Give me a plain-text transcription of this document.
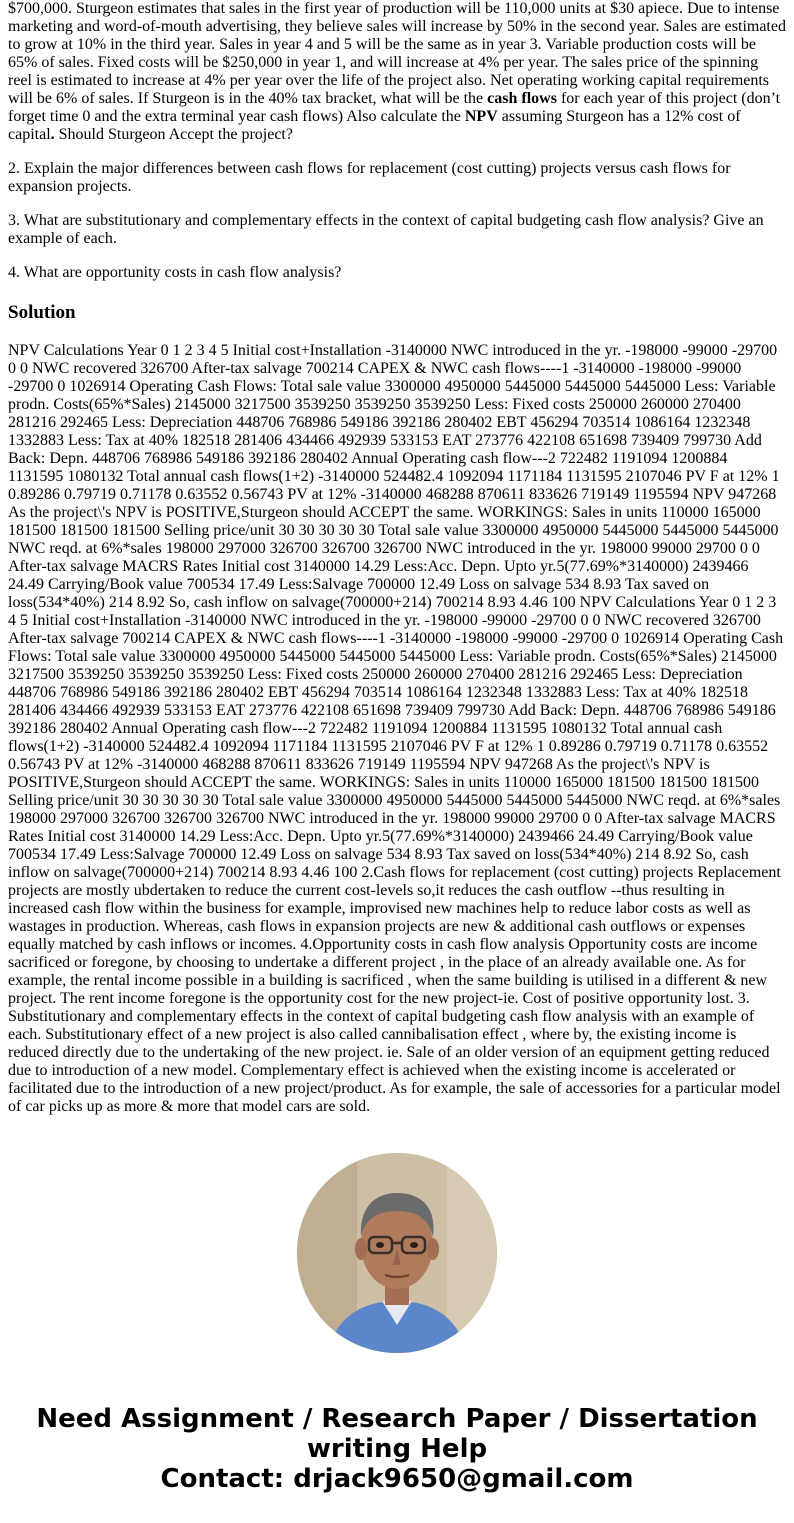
$700,000. Sturgeon estimates that sales in the first year of production will be 110,000 units at $30 apiece. Due to intense marketing and word-of-mouth advertising, they believe sales will increase by 50% in the second year. Sales are estimated to grow at 10% in the third year. Sales in year 4 and 5 will be the same as in year 3. Variable production costs will be 65% of sales. Fixed costs will be $250,000 in year 1, and will increase at 4% per year. The sales price of the spinning reel is estimated to increase at 4% per year over the life of the project also. Net operating working capital requirements will be 6% of sales. If Sturgeon is in the 40% tax bracket, what will be the cash flows for each year of this project (don’t forget time 0 and the extra terminal year cash flows) Also calculate the NPV assuming Sturgeon has a 12% cost of capital. Should Sturgeon Accept the project?

2. Explain the major differences between cash flows for replacement (cost cutting) projects versus cash flows for expansion projects.

3. What are substitutionary and complementary effects in the context of capital budgeting cash flow analysis? Give an example of each.

4. What are opportunity costs in cash flow analysis?

Solution

NPV Calculations Year 0 1 2 3 4 5 Initial cost+Installation -3140000 NWC introduced in the yr. -198000 -99000 -29700 0 0 NWC recovered 326700 After-tax salvage 700214 CAPEX & NWC cash flows----1 -3140000 -198000 -99000 -29700 0 1026914 Operating Cash Flows: Total sale value 3300000 4950000 5445000 5445000 5445000 Less: Variable prodn. Costs(65%*Sales) 2145000 3217500 3539250 3539250 3539250 Less: Fixed costs 250000 260000 270400 281216 292465 Less: Depreciation 448706 768986 549186 392186 280402 EBT 456294 703514 1086164 1232348 1332883 Less: Tax at 40% 182518 281406 434466 492939 533153 EAT 273776 422108 651698 739409 799730 Add Back: Depn. 448706 768986 549186 392186 280402 Annual Operating cash flow---2 722482 1191094 1200884 1131595 1080132 Total annual cash flows(1+2) -3140000 524482.4 1092094 1171184 1131595 2107046 PV F at 12% 1 0.89286 0.79719 0.71178 0.63552 0.56743 PV at 12% -3140000 468288 870611 833626 719149 1195594 NPV 947268 As the project\'s NPV is POSITIVE,Sturgeon should ACCEPT the same. WORKINGS: Sales in units 110000 165000 181500 181500 181500 Selling price/unit 30 30 30 30 30 Total sale value 3300000 4950000 5445000 5445000 5445000 NWC reqd. at 6%*sales 198000 297000 326700 326700 326700 NWC introduced in the yr. 198000 99000 29700 0 0 After-tax salvage MACRS Rates Initial cost 3140000 14.29 Less:Acc. Depn. Upto yr.5(77.69%*3140000) 2439466 24.49 Carrying/Book value 700534 17.49 Less:Salvage 700000 12.49 Loss on salvage 534 8.93 Tax saved on loss(534*40%) 214 8.92 So, cash inflow on salvage(700000+214) 700214 8.93 4.46 100 NPV Calculations Year 0 1 2 3 4 5 Initial cost+Installation -3140000 NWC introduced in the yr. -198000 -99000 -29700 0 0 NWC recovered 326700 After-tax salvage 700214 CAPEX & NWC cash flows----1 -3140000 -198000 -99000 -29700 0 1026914 Operating Cash Flows: Total sale value 3300000 4950000 5445000 5445000 5445000 Less: Variable prodn. Costs(65%*Sales) 2145000 3217500 3539250 3539250 3539250 Less: Fixed costs 250000 260000 270400 281216 292465 Less: Depreciation 448706 768986 549186 392186 280402 EBT 456294 703514 1086164 1232348 1332883 Less: Tax at 40% 182518 281406 434466 492939 533153 EAT 273776 422108 651698 739409 799730 Add Back: Depn. 448706 768986 549186 392186 280402 Annual Operating cash flow---2 722482 1191094 1200884 1131595 1080132 Total annual cash flows(1+2) -3140000 524482.4 1092094 1171184 1131595 2107046 PV F at 12% 1 0.89286 0.79719 0.71178 0.63552 0.56743 PV at 12% -3140000 468288 870611 833626 719149 1195594 NPV 947268 As the project\'s NPV is POSITIVE,Sturgeon should ACCEPT the same. WORKINGS: Sales in units 110000 165000 181500 181500 181500 Selling price/unit 30 30 30 30 30 Total sale value 3300000 4950000 5445000 5445000 5445000 NWC reqd. at 6%*sales 198000 297000 326700 326700 326700 NWC introduced in the yr. 198000 99000 29700 0 0 After-tax salvage MACRS Rates Initial cost 3140000 14.29 Less:Acc. Depn. Upto yr.5(77.69%*3140000) 2439466 24.49 Carrying/Book value 700534 17.49 Less:Salvage 700000 12.49 Loss on salvage 534 8.93 Tax saved on loss(534*40%) 214 8.92 So, cash inflow on salvage(700000+214) 700214 8.93 4.46 100 2.Cash flows for replacement (cost cutting) projects Replacement projects are mostly ubdertaken to reduce the current cost-levels so,it reduces the cash outflow --thus resulting in increased cash flow within the business for example, improvised new machines help to reduce labor costs as well as wastages in production. Whereas, cash flows in expansion projects are new & additional cash outflows or expenses equally matched by cash inflows or incomes. 4.Opportunity costs in cash flow analysis Opportunity costs are income sacrificed or foregone, by choosing to undertake a different project , in the place of an already available one. As for example, the rental income possible in a building is sacrificed , when the same building is utilised in a different & new project. The rent income foregone is the opportunity cost for the new project-ie. Cost of positive opportunity lost. 3. Substitutionary and complementary effects in the context of capital budgeting cash flow analysis with an example of each. Substitutionary effect of a new project is also called cannibalisation effect , where by, the existing income is reduced directly due to the undertaking of the new project. ie. Sale of an older version of an equipment getting reduced due to introduction of a new model. Complementary effect is achieved when the existing income is accelerated or facilitated due to the introduction of a new project/product. As for example, the sale of accessories for a particular model of car picks up as more & more that model cars are sold.

Need Assignment / Research Paper / Dissertation writing Help
Contact: drjack9650@gmail.com
